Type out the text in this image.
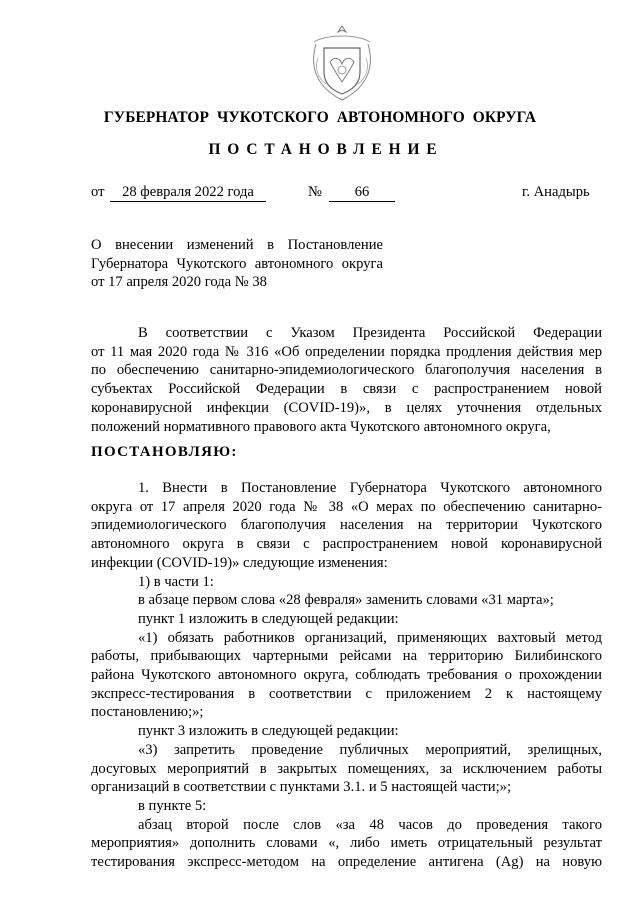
ГУБЕРНАТОР ЧУКОТСКОГО АВТОНОМНОГО ОКРУГА
ПОСТАНОВЛЕНИЕ
от	28 февраля 2022 года	№	66	г. Анадырь
О внесении изменений в Постановление
Губернатора Чукотского автономного округа
от 17 апреля 2020 года № 38
В соответствии с Указом Президента Российской Федерации
от 11 мая 2020 года № 316 «Об определении порядка продления действия мер
по обеспечению санитарно-эпидемиологического благополучия населения в
субъектах Российской Федерации в связи с распространением новой
коронавирусной инфекции (COVID-19)», в целях уточнения отдельных
положений нормативного правового акта Чукотского автономного округа,
ПОСТАНОВЛЯЮ:
1. Внести в Постановление Губернатора Чукотского автономного
округа от 17 апреля 2020 года № 38 «О мерах по обеспечению санитарно-
эпидемиологического благополучия населения на территории Чукотского
автономного округа в связи с распространением новой коронавирусной
инфекции (COVID-19)» следующие изменения:
1) в части 1:
в абзаце первом слова «28 февраля» заменить словами «31 марта»;
пункт 1 изложить в следующей редакции:
«1) обязать работников организаций, применяющих вахтовый метод
работы, прибывающих чартерными рейсами на территорию Билибинского
района Чукотского автономного округа, соблюдать требования о прохождении
экспресс-тестирования в соответствии с приложением 2 к настоящему
постановлению;»;
пункт 3 изложить в следующей редакции:
«3) запретить проведение публичных мероприятий, зрелищных,
досуговых мероприятий в закрытых помещениях, за исключением работы
организаций в соответствии с пунктами 3.1. и 5 настоящей части;»;
в пункте 5:
абзац второй после слов «за 48 часов до проведения такого
мероприятия» дополнить словами «, либо иметь отрицательный результат
тестирования экспресс-методом на определение антигена (Ag) на новую
